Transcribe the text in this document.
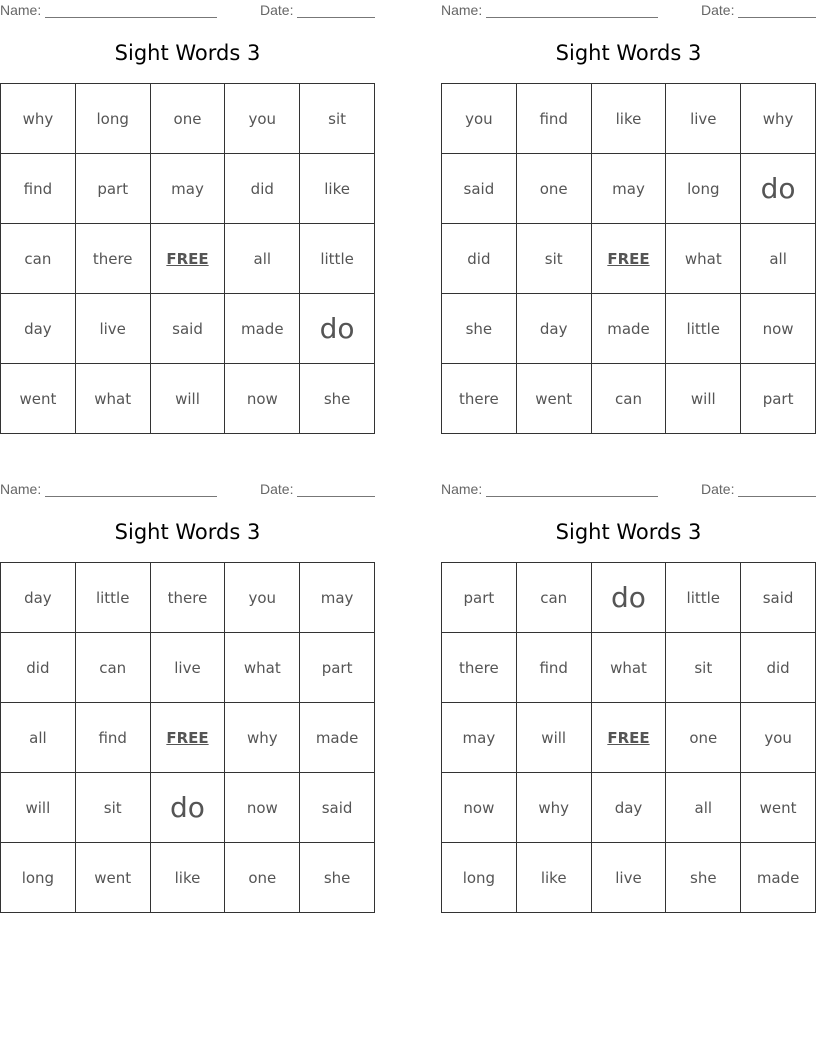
Name:	Date:
Sight Words 3
why	long	one	you	sit
find	part	may	did	like
can	there	FREE	all	little
day	live	said	made	do
went	what	will	now	she
Name:	Date:
Sight Words 3
you	find	like	live	why
said	one	may	long	do
did	sit	FREE	what	all
she	day	made	little	now
there	went	can	will	part
Name:	Date:
Sight Words 3
day	little	there	you	may
did	can	live	what	part
all	find	FREE	why	made
will	sit	do	now	said
long	went	like	one	she
Name:	Date:
Sight Words 3
part	can	do	little	said
there	find	what	sit	did
may	will	FREE	one	you
now	why	day	all	went
long	like	live	she	made
